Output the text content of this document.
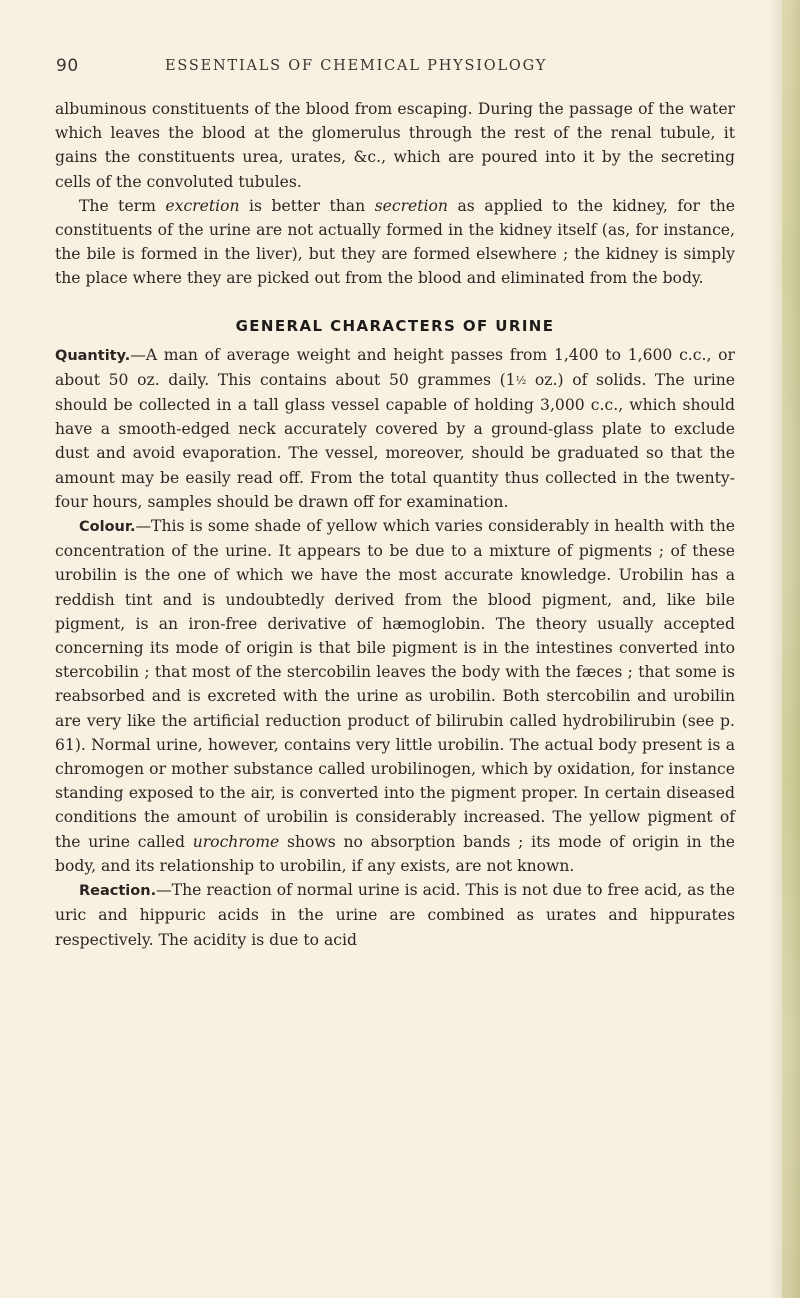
90	ESSENTIALS OF CHEMICAL PHYSIOLOGY

albuminous constituents of the blood from escaping. During the passage of the water which leaves the blood at the glomerulus through the rest of the renal tubule, it gains the constituents urea, urates, &c., which are poured into it by the secreting cells of the convoluted tubules.

The term excretion is better than secretion as applied to the kidney, for the constituents of the urine are not actually formed in the kidney itself (as, for instance, the bile is formed in the liver), but they are formed elsewhere ; the kidney is simply the place where they are picked out from the blood and eliminated from the body.

GENERAL CHARACTERS OF URINE

Quantity.—A man of average weight and height passes from 1,400 to 1,600 c.c., or about 50 oz. daily. This contains about 50 grammes (1½ oz.) of solids. The urine should be collected in a tall glass vessel capable of holding 3,000 c.c., which should have a smooth-edged neck accurately covered by a ground-glass plate to exclude dust and avoid evaporation. The vessel, moreover, should be graduated so that the amount may be easily read off. From the total quantity thus collected in the twenty-four hours, samples should be drawn off for examination.

Colour.—This is some shade of yellow which varies considerably in health with the concentration of the urine. It appears to be due to a mixture of pigments ; of these urobilin is the one of which we have the most accurate knowledge. Urobilin has a reddish tint and is undoubtedly derived from the blood pigment, and, like bile pigment, is an iron-free derivative of hæmoglobin. The theory usually accepted concerning its mode of origin is that bile pigment is in the intestines converted into stercobilin ; that most of the stercobilin leaves the body with the fæces ; that some is reabsorbed and is excreted with the urine as urobilin. Both stercobilin and urobilin are very like the artificial reduction product of bilirubin called hydrobilirubin (see p. 61). Normal urine, however, contains very little urobilin. The actual body present is a chromogen or mother substance called urobilinogen, which by oxidation, for instance standing exposed to the air, is converted into the pigment proper. In certain diseased conditions the amount of urobilin is considerably increased. The yellow pigment of the urine called urochrome shows no absorption bands ; its mode of origin in the body, and its relationship to urobilin, if any exists, are not known.

Reaction.—The reaction of normal urine is acid. This is not due to free acid, as the uric and hippuric acids in the urine are combined as urates and hippurates respectively. The acidity is due to acid
